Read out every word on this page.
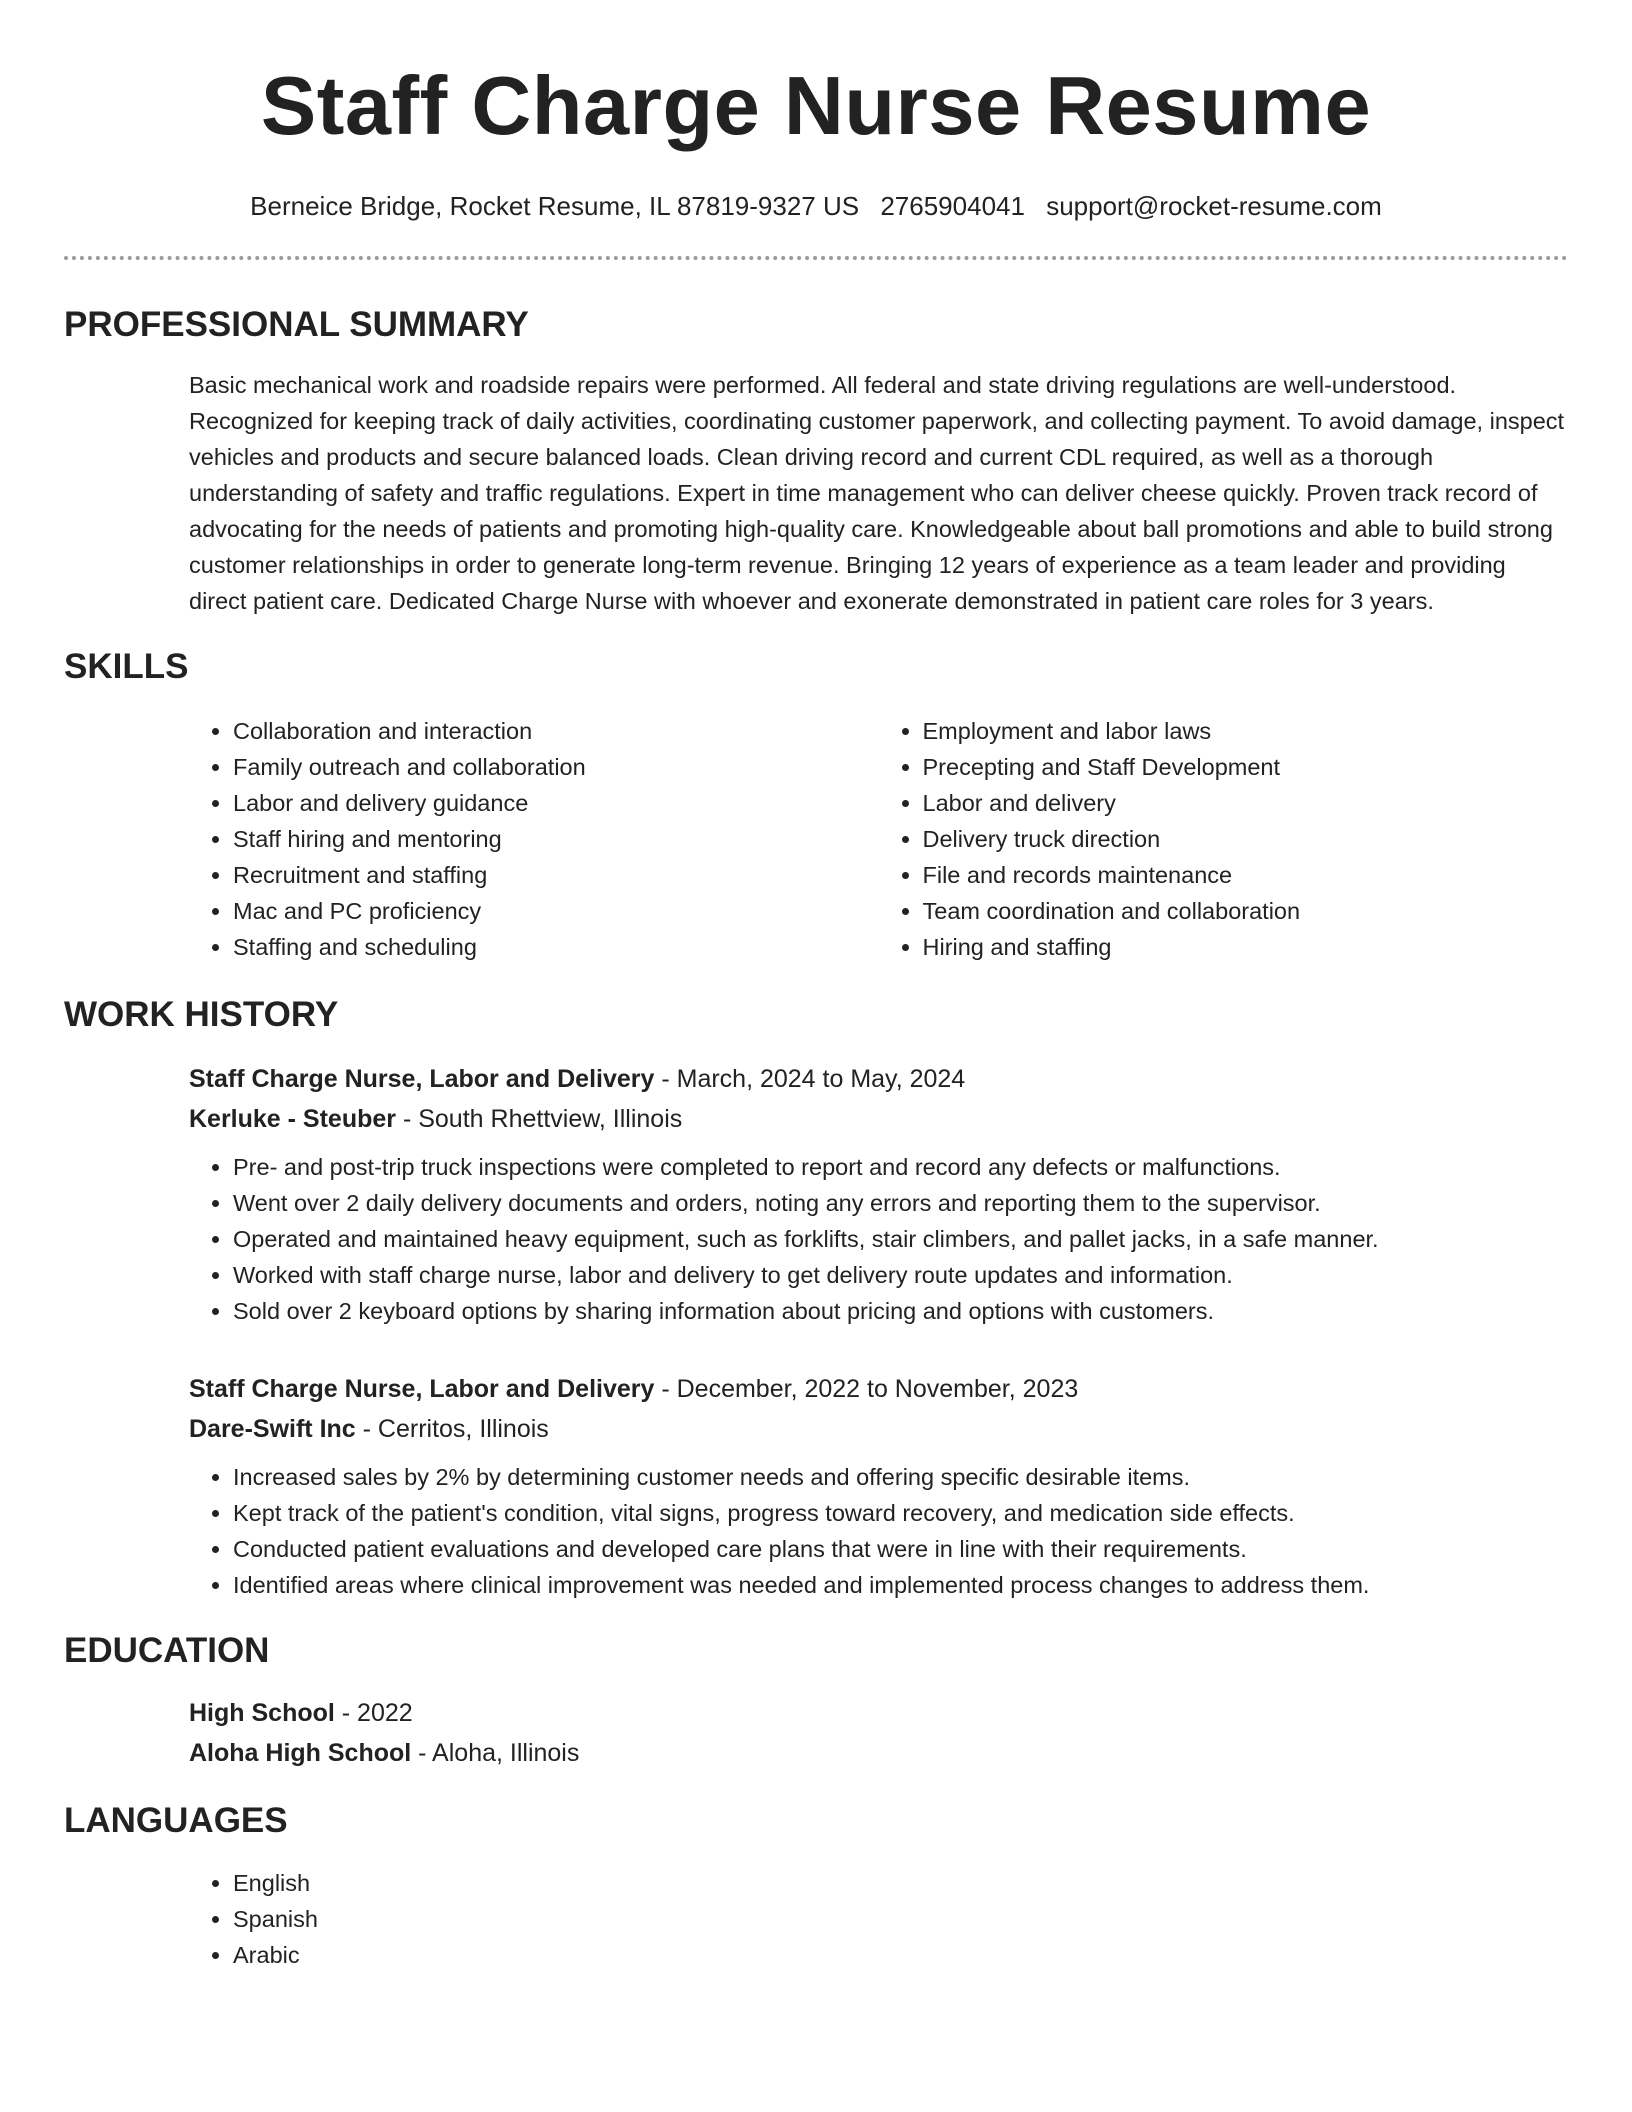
Staff Charge Nurse Resume
Berneice Bridge, Rocket Resume, IL 87819-9327 US 2765904041 support@rocket-resume.com
PROFESSIONAL SUMMARY

Basic mechanical work and roadside repairs were performed. All federal and state driving regulations are well-understood. Recognized for keeping track of daily activities, coordinating customer paperwork, and collecting payment. To avoid damage, inspect vehicles and products and secure balanced loads. Clean driving record and current CDL required, as well as a thorough understanding of safety and traffic regulations. Expert in time management who can deliver cheese quickly. Proven track record of advocating for the needs of patients and promoting high-quality care. Knowledgeable about ball promotions and able to build strong customer relationships in order to generate long-term revenue. Bringing 12 years of experience as a team leader and providing direct patient care. Dedicated Charge Nurse with whoever and exonerate demonstrated in patient care roles for 3 years.

SKILLS
• Collaboration and interaction
• Family outreach and collaboration
• Labor and delivery guidance
• Staff hiring and mentoring
• Recruitment and staffing
• Mac and PC proficiency
• Staffing and scheduling
• Employment and labor laws
• Precepting and Staff Development
• Labor and delivery
• Delivery truck direction
• File and records maintenance
• Team coordination and collaboration
• Hiring and staffing
WORK HISTORY
Staff Charge Nurse, Labor and Delivery - March, 2024 to May, 2024
Kerluke - Steuber - South Rhettview, Illinois
• Pre- and post-trip truck inspections were completed to report and record any defects or malfunctions.
• Went over 2 daily delivery documents and orders, noting any errors and reporting them to the supervisor.
• Operated and maintained heavy equipment, such as forklifts, stair climbers, and pallet jacks, in a safe manner.
• Worked with staff charge nurse, labor and delivery to get delivery route updates and information.
• Sold over 2 keyboard options by sharing information about pricing and options with customers.
Staff Charge Nurse, Labor and Delivery - December, 2022 to November, 2023
Dare-Swift Inc - Cerritos, Illinois
• Increased sales by 2% by determining customer needs and offering specific desirable items.
• Kept track of the patient's condition, vital signs, progress toward recovery, and medication side effects.
• Conducted patient evaluations and developed care plans that were in line with their requirements.
• Identified areas where clinical improvement was needed and implemented process changes to address them.
EDUCATION
High School - 2022
Aloha High School - Aloha, Illinois
LANGUAGES
• English
• Spanish
• Arabic
